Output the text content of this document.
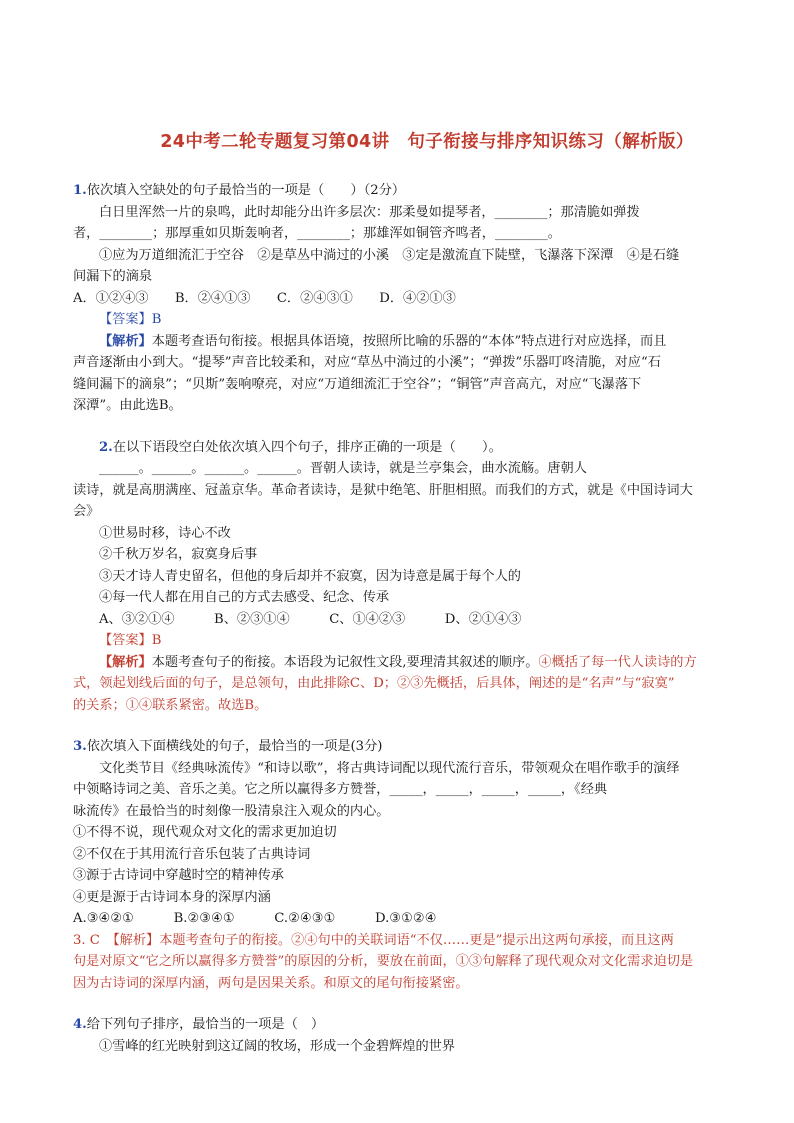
24中考二轮专题复习第04讲　句子衔接与排序知识练习（解析版）

1.依次填入空缺处的句子最恰当的一项是（　　）（2分）

白日里浑然一片的泉鸣，此时却能分出许多层次：那柔曼如提琴者，________；那清脆如弹拨

者，________；那厚重如贝斯轰响者，________；那雄浑如铜管齐鸣者，________。

①应为万道细流汇于空谷　②是草丛中淌过的小溪　③定是激流直下陡壁，飞瀑落下深潭　④是石缝

间漏下的滴泉

A．①②④③　　B．②④①③　　C．②④③①　　D．④②①③

【答案】B

【解析】本题考查语句衔接。根据具体语境，按照所比喻的乐器的“本体”特点进行对应选择，而且

声音逐渐由小到大。“提琴”声音比较柔和，对应“草丛中淌过的小溪”；“弹拨”乐器叮咚清脆，对应“石

缝间漏下的滴泉”；“贝斯”轰响嘹亮，对应“万道细流汇于空谷”；“铜管”声音高亢，对应“飞瀑落下

深潭”。由此选B。

2.在以下语段空白处依次填入四个句子，排序正确的一项是（　　）。

______。______。______。______。晋朝人读诗，就是兰亭集会，曲水流觞。唐朝人

读诗，就是高朋满座、冠盖京华。革命者读诗，是狱中绝笔、肝胆相照。而我们的方式，就是《中国诗词大

会》

①世易时移，诗心不改

②千秋万岁名，寂寞身后事

③天才诗人青史留名，但他的身后却并不寂寞，因为诗意是属于每个人的

④每一代人都在用自己的方式去感受、纪念、传承

A、③②①④　　　B、②③①④　　　C、①④②③　　　D、②①④③

【答案】B

【解析】本题考查句子的衔接。本语段为记叙性文段,要理清其叙述的顺序。④概括了每一代人读诗的方

式，领起划线后面的句子，是总领句，由此排除C、D；②③先概括，后具体，阐述的是“名声”与“寂寞”

的关系；①④联系紧密。故选B。

3.依次填入下面横线处的句子，最恰当的一项是(3分)

文化类节目《经典咏流传》“和诗以歌”，将古典诗词配以现代流行音乐，带领观众在唱作歌手的演绎

中领略诗词之美、音乐之美。它之所以赢得多方赞誉，_____，_____，_____，_____，《经典

咏流传》在最恰当的时刻像一股清泉注入观众的内心。

①不得不说，现代观众对文化的需求更加迫切

②不仅在于其用流行音乐包装了古典诗词

③源于古诗词中穿越时空的精神传承

④更是源于古诗词本身的深厚内涵

A.③④②①　　　B.②③④①　　　C.②④③①　　　D.③①②④

3. C　【解析】本题考查句子的衔接。②④句中的关联词语“不仅……更是”提示出这两句承接，而且这两

句是对原文“它之所以赢得多方赞誉”的原因的分析，要放在前面，①③句解释了现代观众对文化需求迫切是

因为古诗词的深厚内涵，两句是因果关系。和原文的尾句衔接紧密。

4.给下列句子排序，最恰当的一项是（　）

①雪峰的红光映射到这辽阔的牧场，形成一个金碧辉煌的世界
